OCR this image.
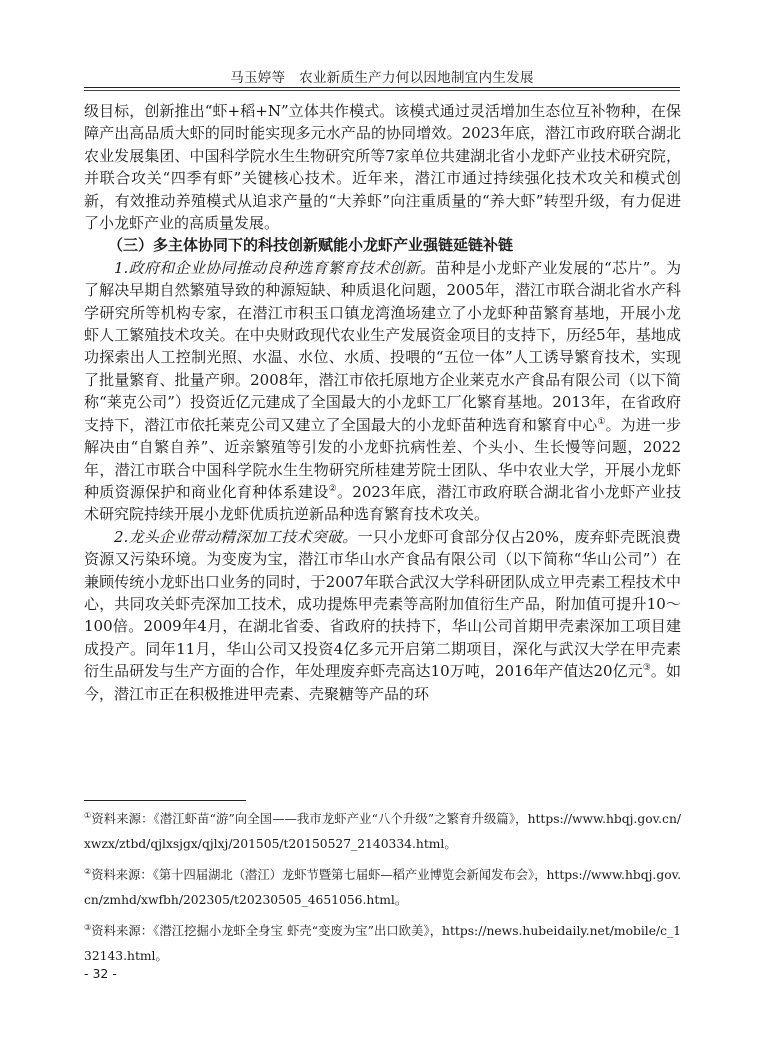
马玉婷等　农业新质生产力何以因地制宜内生发展

级目标，创新推出“虾+稻+N”立体共作模式。该模式通过灵活增加生态位互补物种，在保障产出高品质大虾的同时能实现多元水产品的协同增效。2023年底，潜江市政府联合湖北农业发展集团、中国科学院水生生物研究所等7家单位共建湖北省小龙虾产业技术研究院，并联合攻关“四季有虾”关键核心技术。近年来，潜江市通过持续强化技术攻关和模式创新，有效推动养殖模式从追求产量的“大养虾”向注重质量的“养大虾”转型升级，有力促进了小龙虾产业的高质量发展。

（三）多主体协同下的科技创新赋能小龙虾产业强链延链补链

1.政府和企业协同推动良种选育繁育技术创新。苗种是小龙虾产业发展的“芯片”。为了解决早期自然繁殖导致的种源短缺、种质退化问题，2005年，潜江市联合湖北省水产科学研究所等机构专家，在潜江市积玉口镇龙湾渔场建立了小龙虾种苗繁育基地，开展小龙虾人工繁殖技术攻关。在中央财政现代农业生产发展资金项目的支持下，历经5年，基地成功探索出人工控制光照、水温、水位、水质、投喂的“五位一体”人工诱导繁育技术，实现了批量繁育、批量产卵。2008年，潜江市依托原地方企业莱克水产食品有限公司（以下简称“莱克公司”）投资近亿元建成了全国最大的小龙虾工厂化繁育基地。2013年，在省政府支持下，潜江市依托莱克公司又建立了全国最大的小龙虾苗种选育和繁育中心①。为进一步解决由“自繁自养”、近亲繁殖等引发的小龙虾抗病性差、个头小、生长慢等问题，2022年，潜江市联合中国科学院水生生物研究所桂建芳院士团队、华中农业大学，开展小龙虾种质资源保护和商业化育种体系建设②。2023年底，潜江市政府联合湖北省小龙虾产业技术研究院持续开展小龙虾优质抗逆新品种选育繁育技术攻关。

2.龙头企业带动精深加工技术突破。一只小龙虾可食部分仅占20%，废弃虾壳既浪费资源又污染环境。为变废为宝，潜江市华山水产食品有限公司（以下简称“华山公司”）在兼顾传统小龙虾出口业务的同时，于2007年联合武汉大学科研团队成立甲壳素工程技术中心，共同攻关虾壳深加工技术，成功提炼甲壳素等高附加值衍生产品，附加值可提升10～100倍。2009年4月，在湖北省委、省政府的扶持下，华山公司首期甲壳素深加工项目建成投产。同年11月，华山公司又投资4亿多元开启第二期项目，深化与武汉大学在甲壳素衍生品研发与生产方面的合作，年处理废弃虾壳高达10万吨，2016年产值达20亿元③。如今，潜江市正在积极推进甲壳素、壳聚糖等产品的环

①资料来源：《潜江虾苗“游”向全国——我市龙虾产业“八个升级”之繁育升级篇》，https://www.hbqj.gov.cn/xwzx/ztbd/qjlxsjgx/qjlxj/201505/t20150527_2140334.html。

②资料来源：《第十四届湖北（潜江）龙虾节暨第七届虾—稻产业博览会新闻发布会》，https://www.hbqj.gov.cn/zmhd/xwfbh/202305/t20230505_4651056.html。

③资料来源：《潜江挖掘小龙虾全身宝 虾壳“变废为宝”出口欧美》，https://news.hubeidaily.net/mobile/c_132143.html。

- 32 -
